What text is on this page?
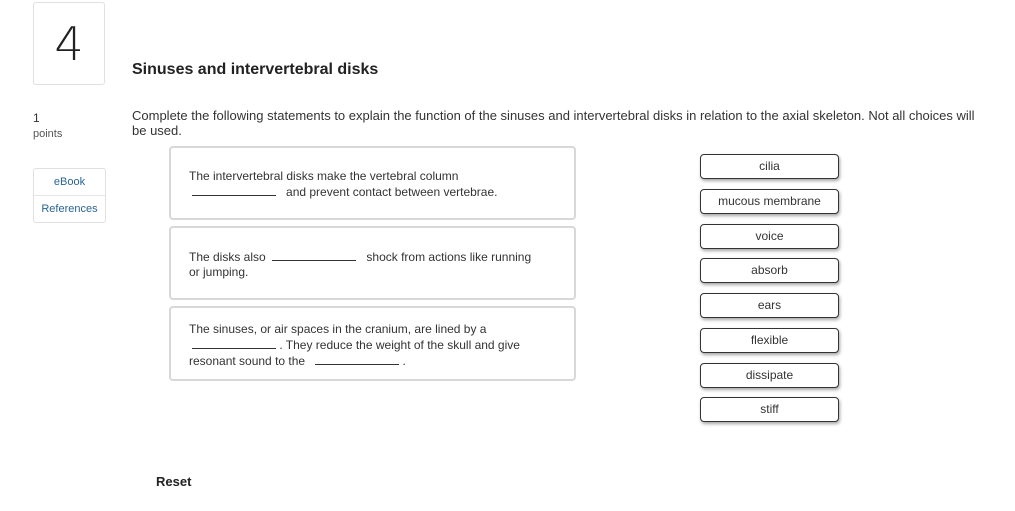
4
1
points
eBook
References
Sinuses and intervertebral disks
Complete the following statements to explain the function of the sinuses and intervertebral disks in relation to the axial skeleton. Not all choices will be used.
The intervertebral disks make the vertebral column
and prevent contact between vertebrae.
The disks also	shock from actions like running
or jumping.
The sinuses, or air spaces in the cranium, are lined by a
. They reduce the weight of the skull and give
resonant sound to the	.
cilia
mucous membrane
voice
absorb
ears
flexible
dissipate
stiff
Reset
